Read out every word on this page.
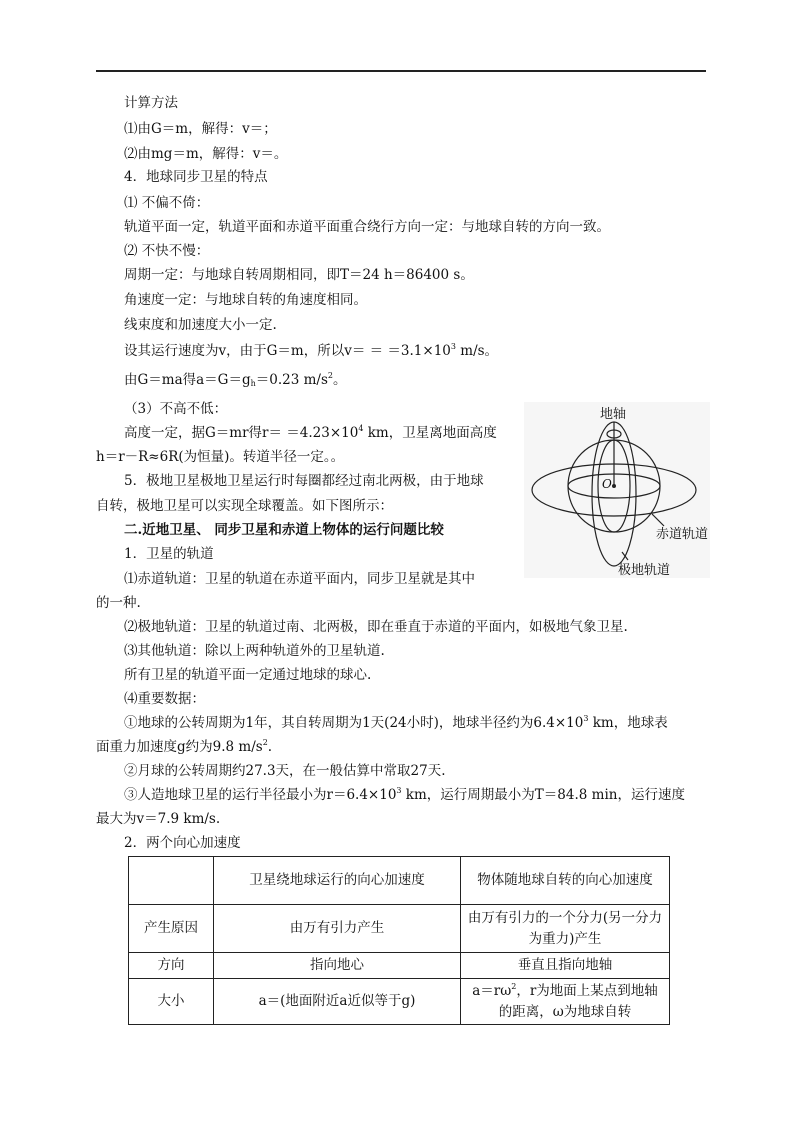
计算方法
⑴由G＝m，解得：v＝；
⑵由mg＝m，解得：v＝。
4．地球同步卫星的特点
⑴ 不偏不倚：
轨道平面一定，轨道平面和赤道平面重合绕行方向一定：与地球自转的方向一致。
⑵ 不快不慢：
周期一定：与地球自转周期相同，即T＝24 h＝86400 s。
角速度一定：与地球自转的角速度相同。
线束度和加速度大小一定.
设其运行速度为v，由于G＝m，所以$v= = =3.1\times 10^3$ m/s。
由G＝ma得$a=G=g_h=0.23$ $m/s^2$。
（3）不高不低：
高度一定，据G＝mr得$r= =4.23\times 10^4$ km，卫星离地面高度
h＝r－R≈6R(为恒量)。转道半径一定。。
5．极地卫星极地卫星运行时每圈都经过南北两极，由于地球
自转，极地卫星可以实现全球覆盖。如下图所示：
二.近地卫星、 同步卫星和赤道上物体的运行问题比较
1．卫星的轨道
⑴赤道轨道：卫星的轨道在赤道平面内，同步卫星就是其中
的一种.
⑵极地轨道：卫星的轨道过南、北两极，即在垂直于赤道的平面内，如极地气象卫星.
⑶其他轨道：除以上两种轨道外的卫星轨道.
所有卫星的轨道平面一定通过地球的球心.
⑷重要数据：
①地球的公转周期为1年，其自转周期为1天(24小时)，地球半径约为$6.4\times 10^3$ km，地球表
面重力加速度g约为9.8 $m/s^2$.
②月球的公转周期约27.3天，在一般估算中常取27天.
③人造地球卫星的运行半径最小为$r=6.4\times 10^3$ km，运行周期最小为T＝84.8 min，运行速度
最大为v＝7.9 km/s.
2．两个向心加速度
地轴
O
赤道轨道
极地轨道
	卫星绕地球运行的向心加速度	物体随地球自转的向心加速度
产生原因	由万有引力产生	由万有引力的一个分力(另一分力为重力)产生
方向	指向地心	垂直且指向地轴
大小	a＝(地面附近a近似等于g)	$a=r\omega^2$，r为地面上某点到地轴的距离，ω为地球自转
